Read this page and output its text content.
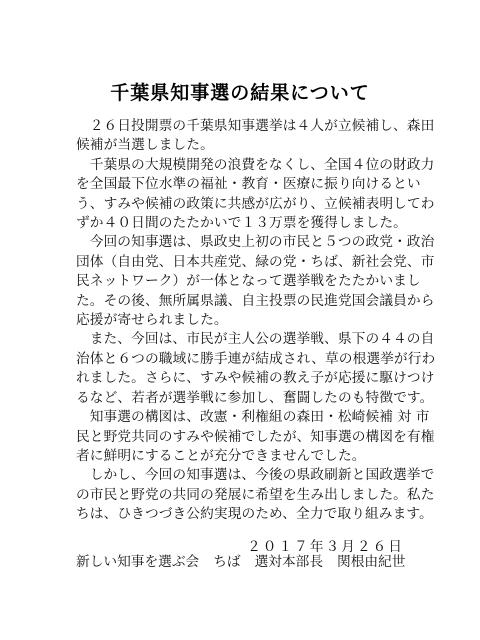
千葉県知事選の結果について

２６日投開票の千葉県知事選挙は４人が立候補し、森田候補が当選しました。

千葉県の大規模開発の浪費をなくし、全国４位の財政力を全国最下位水準の福祉・教育・医療に振り向けるという、すみや候補の政策に共感が広がり、立候補表明してわずか４０日間のたたかいで１３万票を獲得しました。

今回の知事選は、県政史上初の市民と５つの政党・政治団体（自由党、日本共産党、緑の党・ちば、新社会党、市民ネットワーク）が一体となって選挙戦をたたかいました。その後、無所属県議、自主投票の民進党国会議員から応援が寄せられました。

また、今回は、市民が主人公の選挙戦、県下の４４の自治体と６つの職域に勝手連が結成され、草の根選挙が行われました。さらに、すみや候補の教え子が応援に駆けつけるなど、若者が選挙戦に参加し、奮闘したのも特徴です。

知事選の構図は、改憲・利権組の森田・松崎候補 対 市民と野党共同のすみや候補でしたが、知事選の構図を有権者に鮮明にすることが充分できませんでした。

しかし、今回の知事選は、今後の県政刷新と国政選挙での市民と野党の共同の発展に希望を生み出しました。私たちは、ひきつづき公約実現のため、全力で取り組みます。

２０１７年３月２６日
新しい知事を選ぶ会 ちば 選対本部長 関根由紀世
